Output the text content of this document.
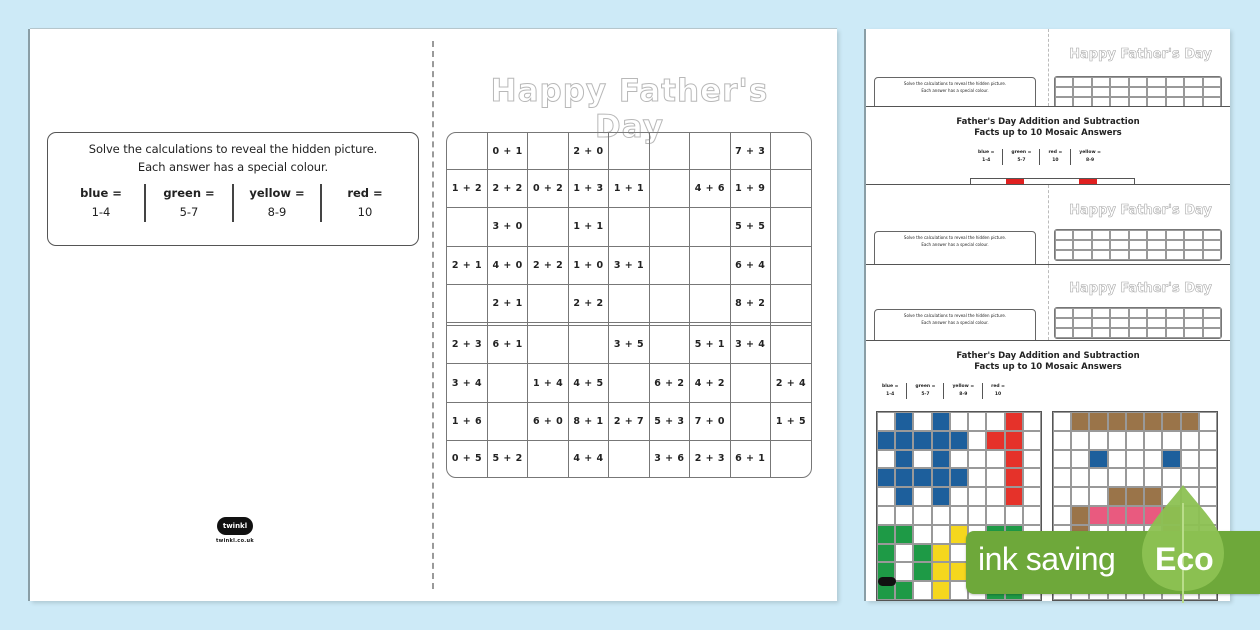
Solve the calculations to reveal the hidden picture.
Each answer has a special colour.
blue =
1-4
green =
5-7
yellow =
8-9
red =
10
twinkl
twinkl.co.uk
Happy Father's Day
	0 + 1		2 + 0				7 + 3	
1 + 2	2 + 2	0 + 2	1 + 3	1 + 1		4 + 6	1 + 9	
	3 + 0		1 + 1				5 + 5	
2 + 1	4 + 0	2 + 2	1 + 0	3 + 1			6 + 4	
	2 + 1		2 + 2				8 + 2	

2 + 3	6 + 1			3 + 5		5 + 1	3 + 4	
3 + 4		1 + 4	4 + 5		6 + 2	4 + 2		2 + 4
1 + 6		6 + 0	8 + 1	2 + 7	5 + 3	7 + 0		1 + 5
0 + 5	5 + 2		4 + 4		3 + 6	2 + 3	6 + 1	
Happy Father's Day
Solve the calculations to reveal the hidden picture.
Each answer has a special colour.
Father's Day Addition and Subtraction
Facts up to 10 Mosaic Answers
blue =
1-4
green =
5-7
red =
10
yellow =
8-9
Happy Father's Day
Solve the calculations to reveal the hidden picture.
Each answer has a special colour.
Happy Father's Day
Solve the calculations to reveal the hidden picture.
Each answer has a special colour.
Father's Day Addition and Subtraction
Facts up to 10 Mosaic Answers
blue =
1-4
green =
5-7
yellow =
8-9
red =
10
ink saving Eco
